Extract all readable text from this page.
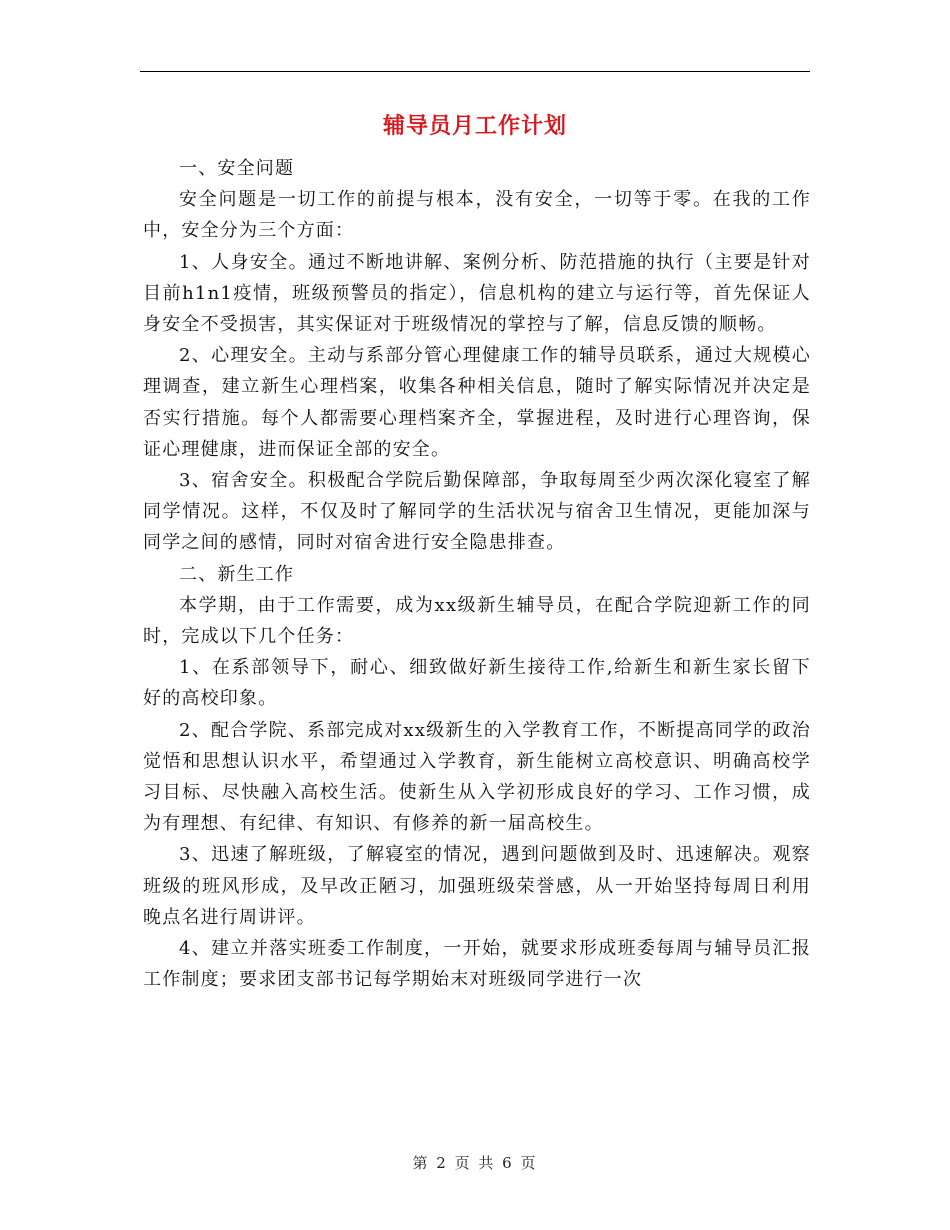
辅导员月工作计划

一、安全问题

安全问题是一切工作的前提与根本，没有安全，一切等于零。在我的工作中，安全分为三个方面：

1、人身安全。通过不断地讲解、案例分析、防范措施的执行（主要是针对目前h1n1疫情，班级预警员的指定），信息机构的建立与运行等，首先保证人身安全不受损害，其实保证对于班级情况的掌控与了解，信息反馈的顺畅。

2、心理安全。主动与系部分管心理健康工作的辅导员联系，通过大规模心理调查，建立新生心理档案，收集各种相关信息，随时了解实际情况并决定是否实行措施。每个人都需要心理档案齐全，掌握进程，及时进行心理咨询，保证心理健康，进而保证全部的安全。

3、宿舍安全。积极配合学院后勤保障部，争取每周至少两次深化寝室了解同学情况。这样，不仅及时了解同学的生活状况与宿舍卫生情况，更能加深与同学之间的感情，同时对宿舍进行安全隐患排查。

二、新生工作

本学期，由于工作需要，成为xx级新生辅导员，在配合学院迎新工作的同时，完成以下几个任务：

1、在系部领导下，耐心、细致做好新生接待工作,给新生和新生家长留下好的高校印象。

2、配合学院、系部完成对xx级新生的入学教育工作，不断提高同学的政治觉悟和思想认识水平，希望通过入学教育，新生能树立高校意识、明确高校学习目标、尽快融入高校生活。使新生从入学初形成良好的学习、工作习惯，成为有理想、有纪律、有知识、有修养的新一届高校生。

3、迅速了解班级，了解寝室的情况，遇到问题做到及时、迅速解决。观察班级的班风形成，及早改正陋习，加强班级荣誉感，从一开始坚持每周日利用晚点名进行周讲评。

4、建立并落实班委工作制度，一开始，就要求形成班委每周与辅导员汇报工作制度；要求团支部书记每学期始末对班级同学进行一次

第 2 页 共 6 页
